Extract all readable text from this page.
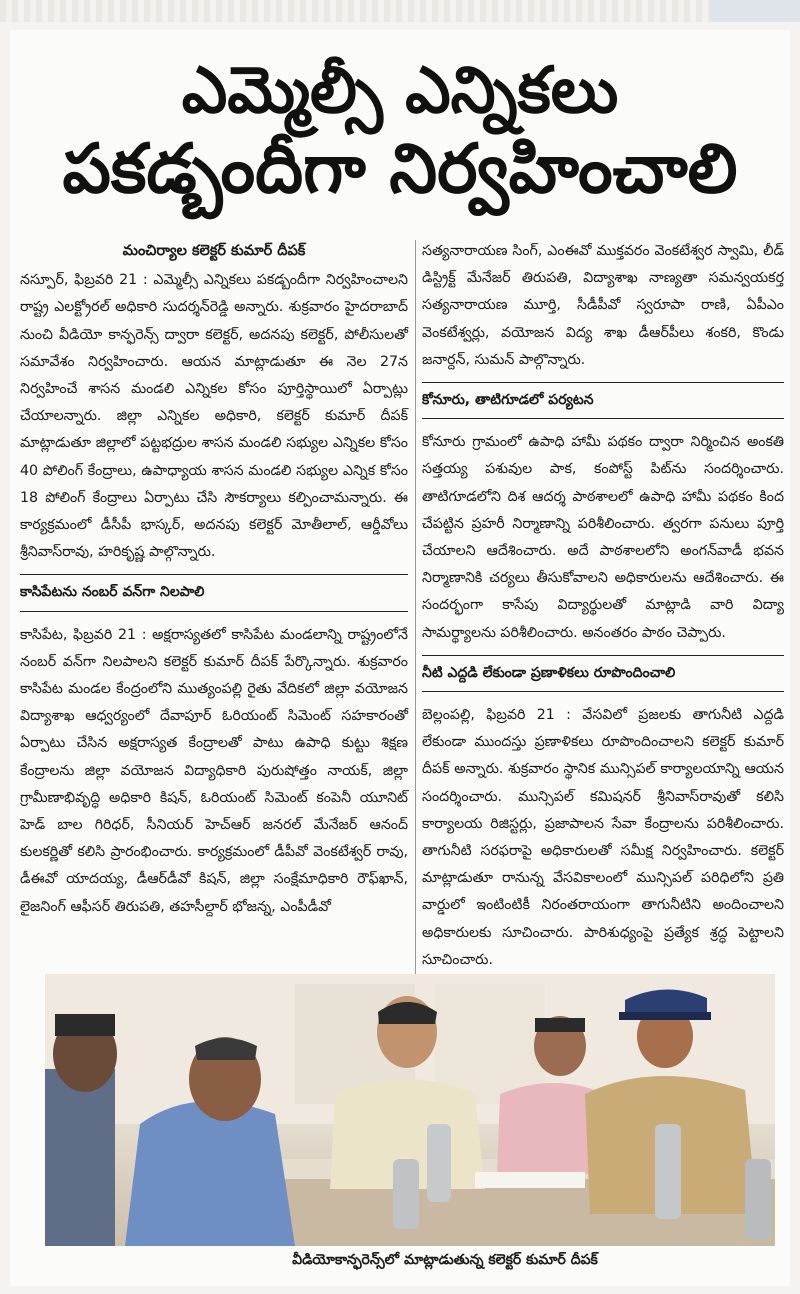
ఎమ్మెల్సీ ఎన్నికలు
పకడ్బందీగా నిర్వహించాలి
మంచిర్యాల కలెక్టర్ కుమార్ దీపక్
నస్పూర్, ఫిబ్రవరి 21 : ఎమ్మెల్సీ ఎన్నికలు పకడ్బందీగా నిర్వహించాలని రాష్ట్ర ఎలక్ట్రోరల్ అధికారి సుదర్శన్‌రెడ్డి అన్నారు. శుక్రవారం హైదరాబాద్ నుంచి వీడియో కాన్ఫరెన్స్ ద్వారా కలెక్టర్, అదనపు కలెక్టర్, పోలీసులతో సమావేశం నిర్వహించారు. ఆయన మాట్లాడుతూ ఈ నెల 27న నిర్వహించే శాసన మండలి ఎన్నికల కోసం పూర్తిస్థాయిలో ఏర్పాట్లు చేయాలన్నారు. జిల్లా ఎన్నికల అధికారి, కలెక్టర్ కుమార్ దీపక్ మాట్లాడుతూ జిల్లాలో పట్టభద్రుల శాసన మండలి సభ్యుల ఎన్నికల కోసం 40 పోలింగ్ కేంద్రాలు, ఉపాధ్యాయ శాసన మండలి సభ్యుల ఎన్నిక కోసం 18 పోలింగ్ కేంద్రాలు ఏర్పాటు చేసి సౌకర్యాలు కల్పించామన్నారు. ఈ కార్యక్రమంలో డీసీపీ భాస్కర్, అదనపు కలెక్టర్ మోతీలాల్, ఆర్డీవోలు శ్రీనివాస్‌రావు, హరికృష్ణ పాల్గొన్నారు.
కాసిపేటను నంబర్ వన్‌గా నిలపాలి
కాసిపేట, ఫిబ్రవరి 21 : అక్షరాస్యతలో కాసిపేట మండలాన్ని రాష్ట్రంలోనే నంబర్ వన్‌గా నిలపాలని కలెక్టర్ కుమార్ దీపక్ పేర్కొన్నారు. శుక్రవారం కాసిపేట మండల కేంద్రంలోని ముత్యంపల్లి రైతు వేదికలో జిల్లా వయోజన విద్యాశాఖ ఆధ్వర్యంలో దేవాపూర్ ఓరియంట్ సిమెంట్ సహకారంతో ఏర్పాటు చేసిన అక్షరాస్యత కేంద్రాలతో పాటు ఉపాధి కుట్టు శిక్షణ కేంద్రాలను జిల్లా వయోజన విద్యాధికారి పురుషోత్తం నాయక్, జిల్లా గ్రామీణాభివృద్ధి అధికారి కిషన్, ఓరియంట్ సిమెంట్ కంపెనీ యూనిట్ హెడ్ బాల గిరిధర్, సీనియర్ హెచ్‌ఆర్ జనరల్ మేనేజర్ ఆనంద్ కులకర్ణితో కలిసి ప్రారంభించారు. కార్యక్రమంలో డీపీవో వెంకటేశ్వర్ రావు, డీఈవో యాదయ్య, డీఆర్‌డీవో కిషన్, జిల్లా సంక్షేమాధికారి రౌఫ్‌ఖాన్, లైజనింగ్ ఆఫీసర్ తిరుపతి, తహసీల్దార్ భోజన్న, ఎంపీడీవో
సత్యనారాయణ సింగ్, ఎంఈవో ముక్తవరం వెంకటేశ్వర స్వామి, లీడ్ డిస్ట్రిక్ట్ మేనేజర్ తిరుపతి, విద్యాశాఖ నాణ్యతా సమన్వయకర్త సత్యనారాయణ మూర్తి, సీడీపీవో స్వరూపా రాణి, ఏపీఎం వెంకటేశ్వర్లు, వయోజన విద్య శాఖ డీఆర్‌పీలు శంకరి, కొండు జనార్దన్, సుమన్ పాల్గొన్నారు.
కోనూరు, తాటిగూడలో పర్యటన
కోనూరు గ్రామంలో ఉపాధి హామీ పథకం ద్వారా నిర్మించిన అంకతి సత్తయ్య పశువుల పాక, కంపోస్ట్ పిట్‌ను సందర్శించారు. తాటిగూడలోని దిశ ఆదర్శ పాఠశాలలో ఉపాధి హామీ పథకం కింద చేపట్టిన ప్రహరీ నిర్మాణాన్ని పరిశీలించారు. త్వరగా పనులు పూర్తి చేయాలని ఆదేశించారు. అదే పాఠశాలలోని అంగన్‌వాడీ భవన నిర్మాణానికి చర్యలు తీసుకోవాలని అధికారులను ఆదేశించారు. ఈ సందర్భంగా కాసేపు విద్యార్థులతో మాట్లాడి వారి విద్యా సామర్థ్యాలను పరిశీలించారు. అనంతరం పాఠం చెప్పారు.
నీటి ఎద్దడి లేకుండా ప్రణాళికలు రూపొందించాలి
బెల్లంపల్లి, ఫిబ్రవరి 21 : వేసవిలో ప్రజలకు తాగునీటి ఎద్దడి లేకుండా ముందస్తు ప్రణాళికలు రూపొందించాలని కలెక్టర్ కుమార్ దీపక్ అన్నారు. శుక్రవారం స్థానిక మున్సిపల్ కార్యాలయాన్ని ఆయన సందర్శించారు. మున్సిపల్ కమిషనర్ శ్రీనివాస్‌రావుతో కలిసి కార్యాలయ రిజిస్టర్లు, ప్రజాపాలన సేవా కేంద్రాలను పరిశీలించారు. తాగునీటి సరఫరాపై అధికారులతో సమీక్ష నిర్వహించారు. కలెక్టర్ మాట్లాడుతూ రానున్న వేసవికాలంలో మున్సిపల్ పరిధిలోని ప్రతి వార్డులో ఇంటింటికీ నిరంతరాయంగా తాగునీటిని అందించాలని అధికారులకు సూచించారు. పారిశుధ్యంపై ప్రత్యేక శ్రద్ధ పెట్టాలని సూచించారు.
వీడియోకాన్ఫరెన్స్‌లో మాట్లాడుతున్న కలెక్టర్ కుమార్ దీపక్
